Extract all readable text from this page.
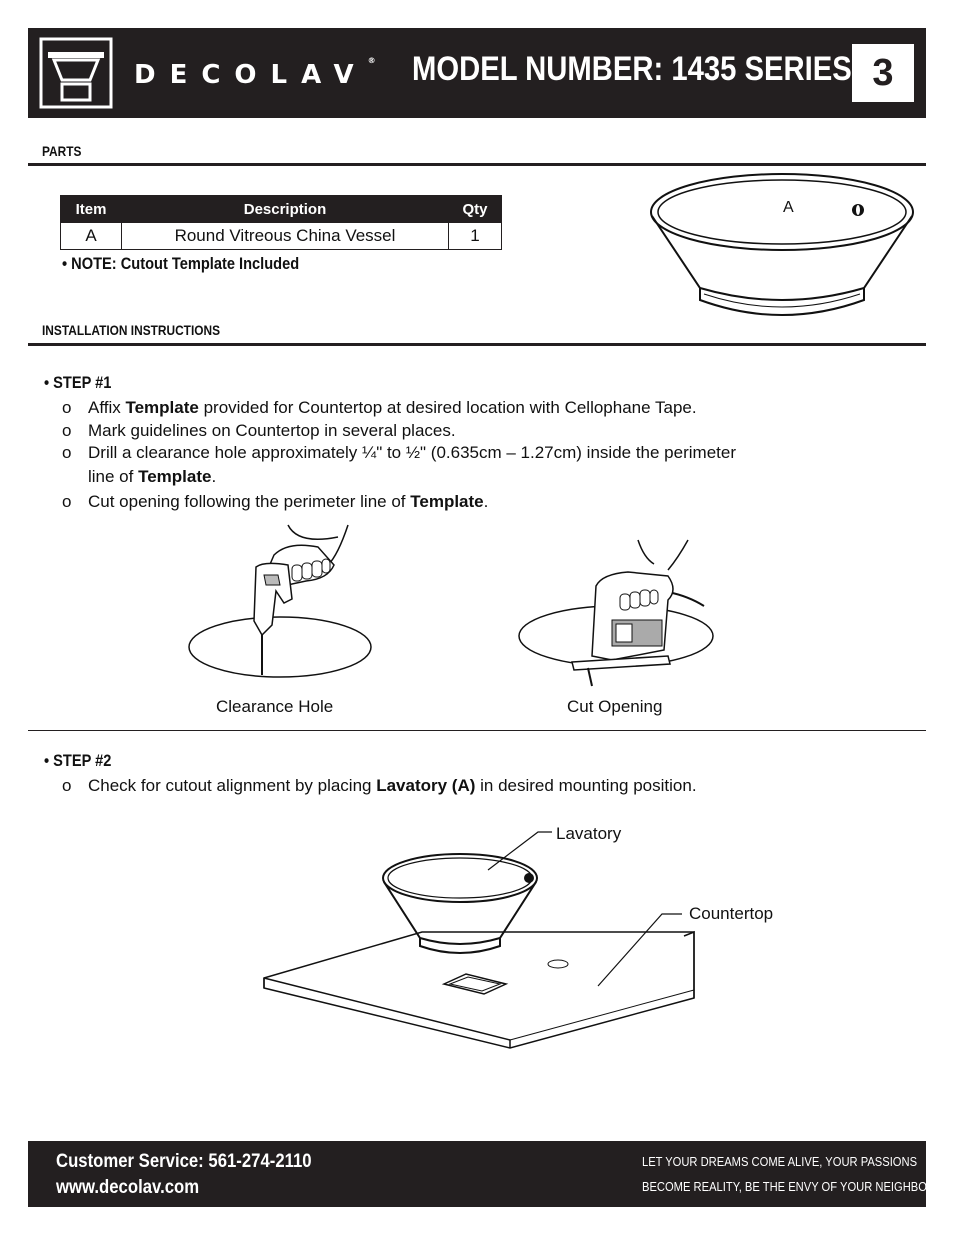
DECOLAV® MODEL NUMBER: 1435 SERIES 3
PARTS
Item	Description	Qty
A	Round Vitreous China Vessel	1
• NOTE: Cutout Template Included
A
INSTALLATION INSTRUCTIONS
• STEP #1
o Affix Template provided for Countertop at desired location with Cellophane Tape.
o Mark guidelines on Countertop in several places.
o Drill a clearance hole approximately ¼" to ½" (0.635cm – 1.27cm) inside the perimeter
line of Template.
o Cut opening following the perimeter line of Template.
Clearance Hole	Cut Opening
• STEP #2
o Check for cutout alignment by placing Lavatory (A) in desired mounting position.
Lavatory
Countertop
Customer Service: 561-274-2110
www.decolav.com
LET YOUR DREAMS COME ALIVE, YOUR PASSIONS
BECOME REALITY, BE THE ENVY OF YOUR NEIGHBORS®
